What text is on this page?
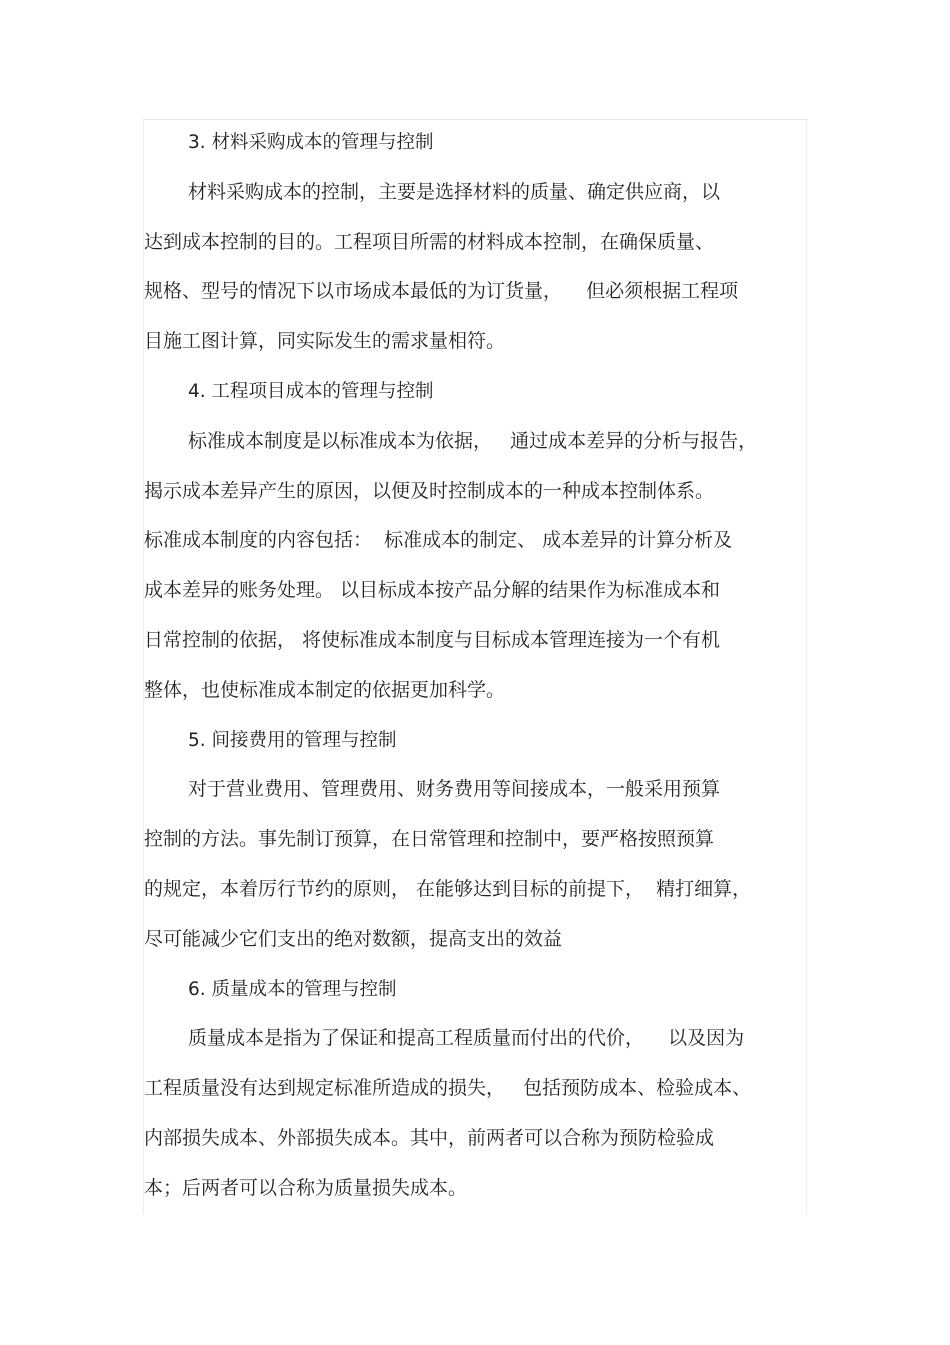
3. 材料采购成本的管理与控制
材料采购成本的控制，主要是选择材料的质量、确定供应商，以
达到成本控制的目的。工程项目所需的材料成本控制，在确保质量、
规格、型号的情况下以市场成本最低的为订货量，    但必须根据工程项
目施工图计算，同实际发生的需求量相符。
4. 工程项目成本的管理与控制
标准成本制度是以标准成本为依据，   通过成本差异的分析与报告，
揭示成本差异产生的原因，以便及时控制成本的一种成本控制体系。
标准成本制度的内容包括：  标准成本的制定、 成本差异的计算分析及
成本差异的账务处理。 以目标成本按产品分解的结果作为标准成本和
日常控制的依据， 将使标准成本制度与目标成本管理连接为一个有机
整体，也使标准成本制定的依据更加科学。
5. 间接费用的管理与控制
对于营业费用、管理费用、财务费用等间接成本，一般采用预算
控制的方法。事先制订预算，在日常管理和控制中，要严格按照预算
的规定，本着厉行节约的原则， 在能够达到目标的前提下，  精打细算，
尽可能减少它们支出的绝对数额，提高支出的效益
6. 质量成本的管理与控制
质量成本是指为了保证和提高工程质量而付出的代价，    以及因为
工程质量没有达到规定标准所造成的损失，   包括预防成本、检验成本、
内部损失成本、外部损失成本。其中，前两者可以合称为预防检验成
本；后两者可以合称为质量损失成本。
